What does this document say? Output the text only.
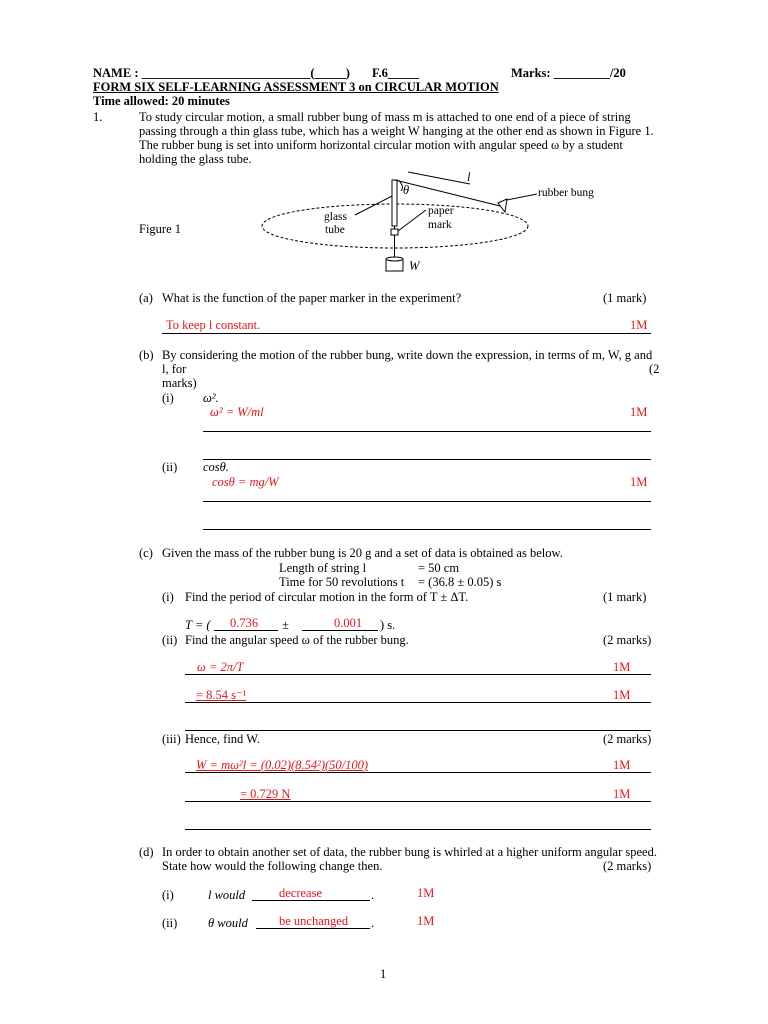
NAME : ___________________________(_____) F.6_____	Marks: _________/20
FORM SIX SELF-LEARNING ASSESSMENT 3 on CIRCULAR MOTION
Time allowed: 20 minutes
1.	To study circular motion, a small rubber bung of mass m is attached to one end of a piece of string
passing through a thin glass tube, which has a weight W hanging at the other end as shown in Figure 1.
The rubber bung is set into uniform horizontal circular motion with angular speed ω by a student
holding the glass tube.
Figure 1
l
θ	rubber bung
glass
tube
paper
mark
W
(a) What is the function of the paper marker in the experiment?	(1 mark)
To keep l constant.	1M
(b) By considering the motion of the rubber bung, write down the expression, in terms of m, W, g and
l, for	(2
marks)
(i) ω².
ω² = W/ml	1M
(ii) cosθ.
cosθ = mg/W	1M
(c) Given the mass of the rubber bung is 20 g and a set of data is obtained as below.
Length of string l	= 50 cm
Time for 50 revolutions t = (36.8 ± 0.05) s
(i) Find the period of circular motion in the form of T ± ΔT.	(1 mark)
T = ( 0.736 ±	0.001 ) s.
(ii) Find the angular speed ω of the rubber bung.	(2 marks)
ω = 2π/T	1M
= 8.54 s⁻¹	1M
(iii) Hence, find W.	(2 marks)
W = mω²l = (0.02)(8.54²)(50/100)	1M
= 0.729 N	1M
(d) In order to obtain another set of data, the rubber bung is whirled at a higher uniform angular speed.
State how would the following change then.	(2 marks)
(i)	l would	decrease	.	1M
(ii) θ would be unchanged .	1M
1
